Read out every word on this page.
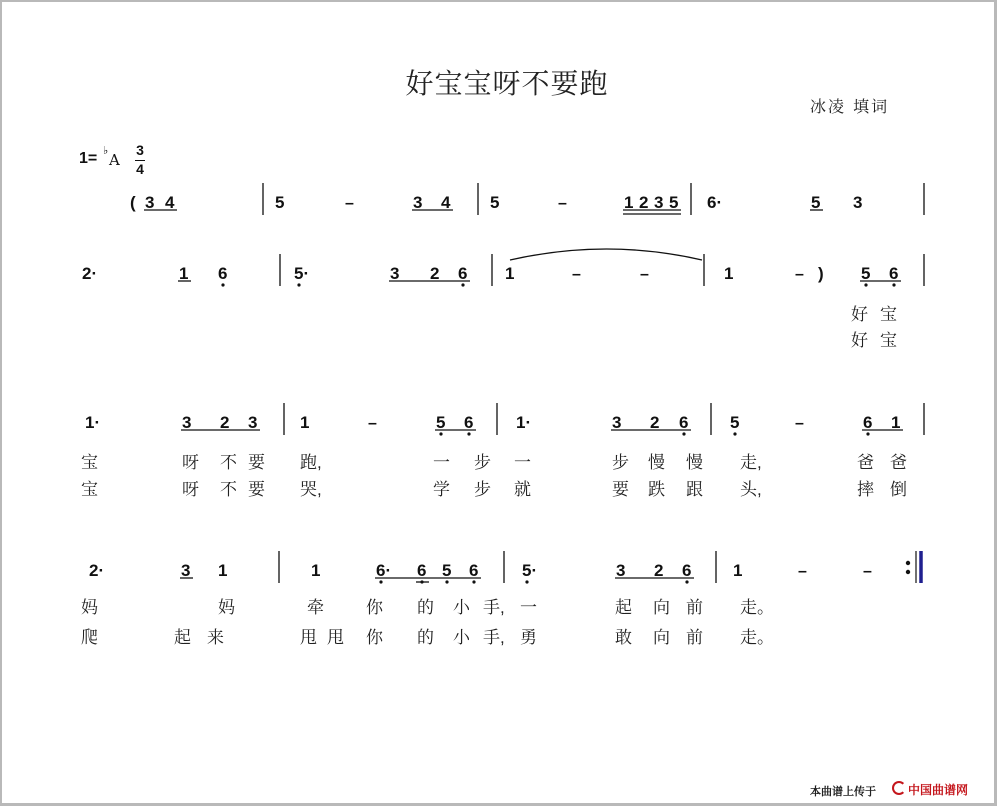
好宝宝呀不要跑
冰凌 填词
1= ♭
A
3
4
( 3 4	5	–	3 4 5	–	1 2 3 5 6·	5 3
2·	1 6	5·	3 2 6 1	–	–	1	– ) 5 6
好 宝
好 宝
1·	3 2 3	1	–	5 6	1·	3 2 6 5	–	6 1
宝	呀 不 要 跑,	一 步 一	步 慢 慢 走,	爸 爸
宝	呀 不 要 哭,	学 步 就	要 跌 跟 头,	摔 倒
2·	3 1	1	6· 6 5 6	5·	3 2 6 1	–	–
妈	妈	牵 你 的 小 手, 一	起 向 前 走。
爬	起 来	甩 甩 你 的 小 手, 勇	敢 向 前 走。
本曲谱上传于	中国曲谱网
